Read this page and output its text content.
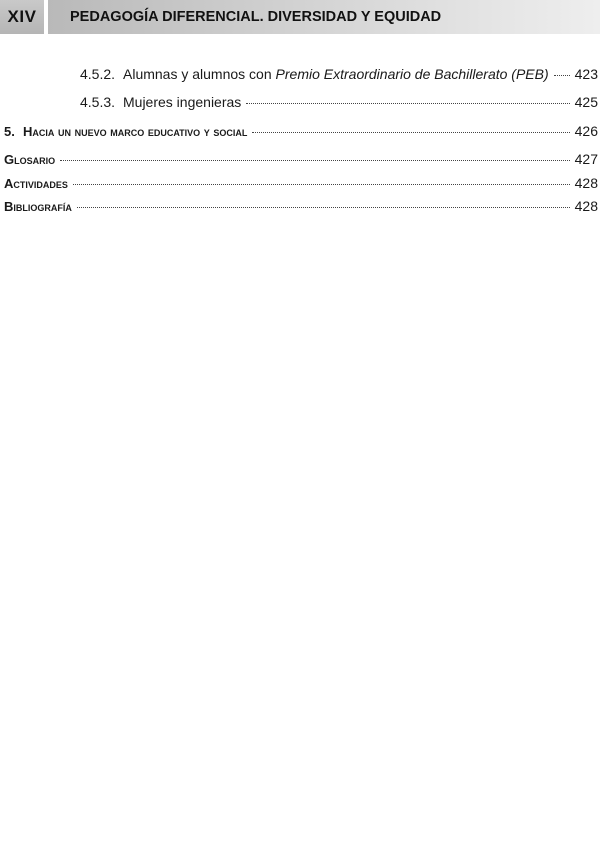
XIV	PEDAGOGÍA DIFERENCIAL. DIVERSIDAD Y EQUIDAD
4.5.2. Alumnas y alumnos con Premio Extraordinario de Bachillerato (PEB) 423
4.5.3. Mujeres ingenieras	425
5. Hacia un nuevo marco educativo y social	426
Glosario	427
Actividades	428
Bibliografía	428
